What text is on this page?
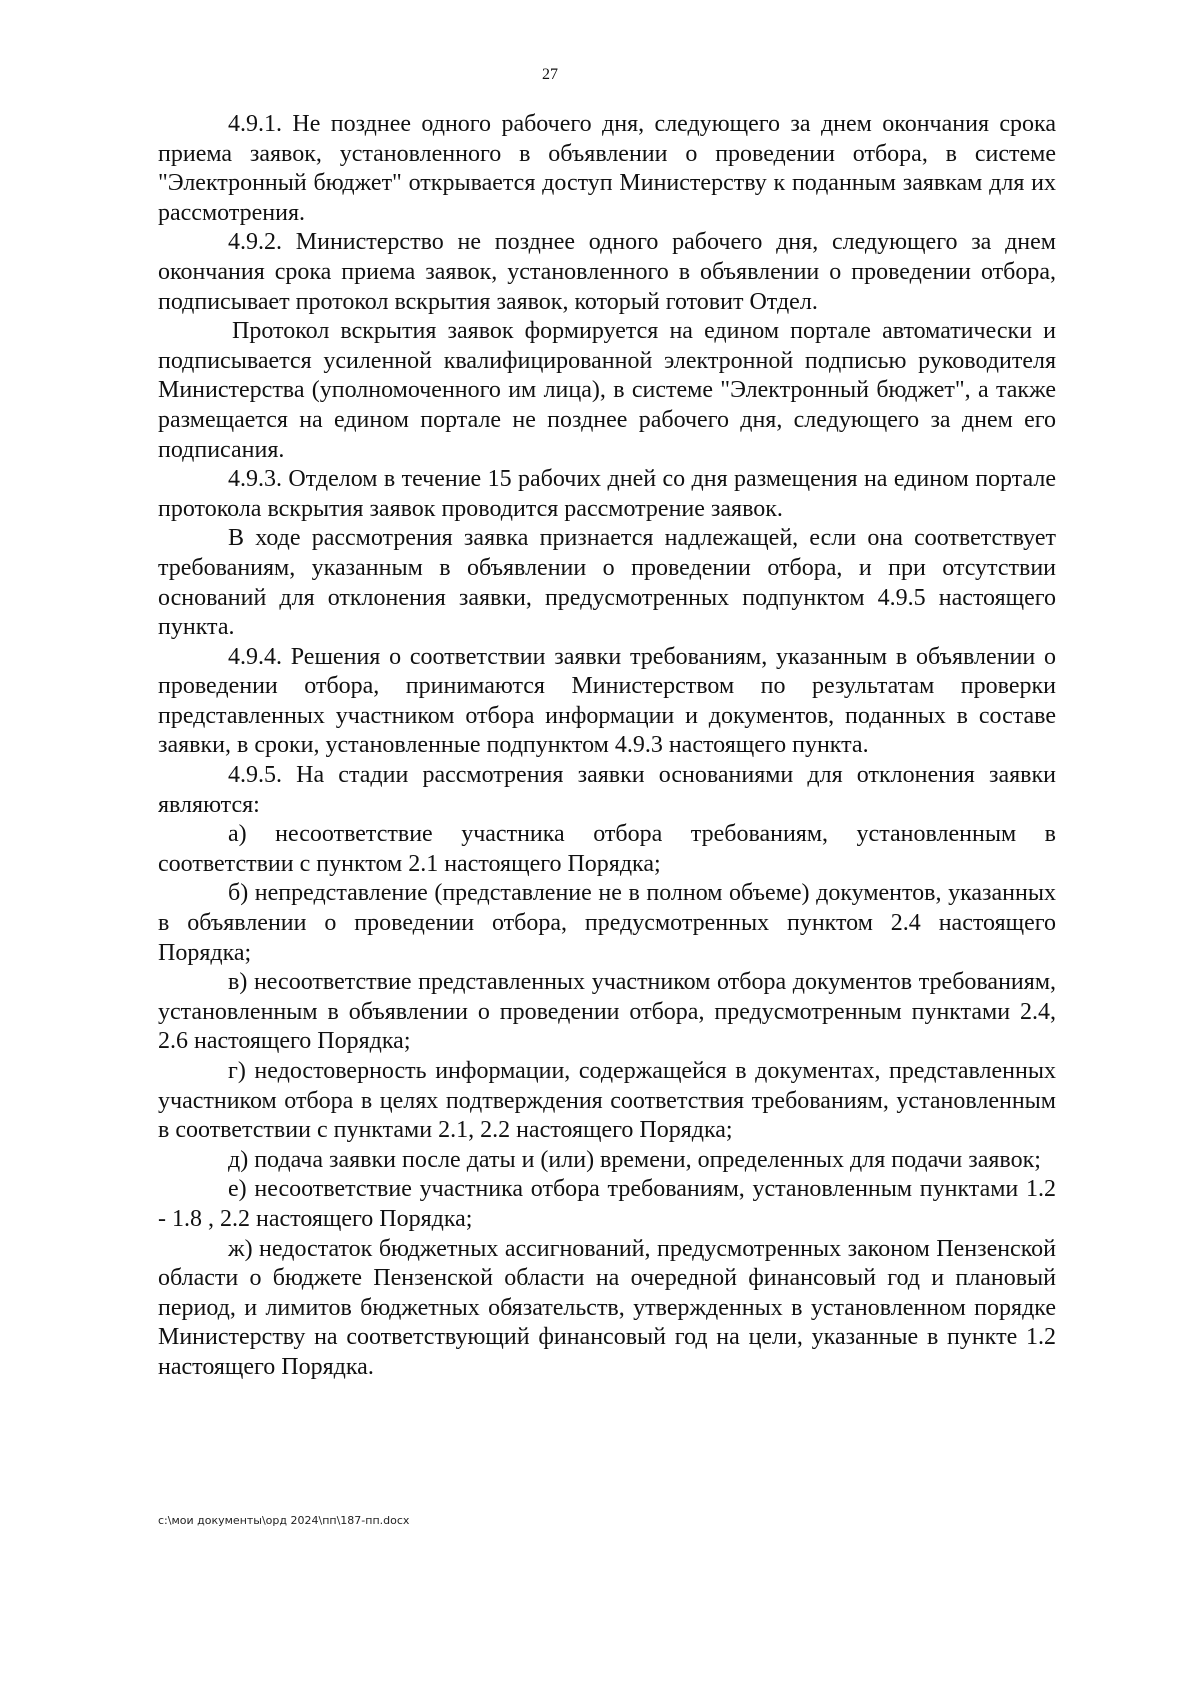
27

4.9.1. Не позднее одного рабочего дня, следующего за днем окончания срока приема заявок, установленного в объявлении о проведении отбора, в системе "Электронный бюджет" открывается доступ Министерству к поданным заявкам для их рассмотрения.

4.9.2. Министерство не позднее одного рабочего дня, следующего за днем окончания срока приема заявок, установленного в объявлении о проведении отбора, подписывает протокол вскрытия заявок, который готовит Отдел.

Протокол вскрытия заявок формируется на едином портале автоматически и подписывается усиленной квалифицированной электронной подписью руководителя Министерства (уполномоченного им лица), в системе "Электронный бюджет", а также размещается на едином портале не позднее рабочего дня, следующего за днем его подписания.

4.9.3. Отделом в течение 15 рабочих дней со дня размещения на едином портале протокола вскрытия заявок проводится рассмотрение заявок.

В ходе рассмотрения заявка признается надлежащей, если она соответствует требованиям, указанным в объявлении о проведении отбора, и при отсутствии оснований для отклонения заявки, предусмотренных подпунктом 4.9.5 настоящего пункта.

4.9.4. Решения о соответствии заявки требованиям, указанным в объявлении о проведении отбора, принимаются Министерством по результатам проверки представленных участником отбора информации и документов, поданных в составе заявки, в сроки, установленные подпунктом 4.9.3 настоящего пункта.

4.9.5. На стадии рассмотрения заявки основаниями для отклонения заявки являются:

а) несоответствие участника отбора требованиям, установленным в соответствии с пунктом 2.1 настоящего Порядка;

б) непредставление (представление не в полном объеме) документов, указанных в объявлении о проведении отбора, предусмотренных пунктом 2.4 настоящего Порядка;

в) несоответствие представленных участником отбора документов требованиям, установленным в объявлении о проведении отбора, предусмотренным пунктами 2.4, 2.6 настоящего Порядка;

г) недостоверность информации, содержащейся в документах, представленных участником отбора в целях подтверждения соответствия требованиям, установленным в соответствии с пунктами 2.1, 2.2 настоящего Порядка;

д) подача заявки после даты и (или) времени, определенных для подачи заявок;

е) несоответствие участника отбора требованиям, установленным пунктами 1.2 - 1.8 , 2.2 настоящего Порядка;

ж) недостаток бюджетных ассигнований, предусмотренных законом Пензенской области о бюджете Пензенской области на очередной финансовый год и плановый период, и лимитов бюджетных обязательств, утвержденных в установленном порядке Министерству на соответствующий финансовый год на цели, указанные в пункте 1.2 настоящего Порядка.

с:\мои документы\орд 2024\пп\187-пп.docx
